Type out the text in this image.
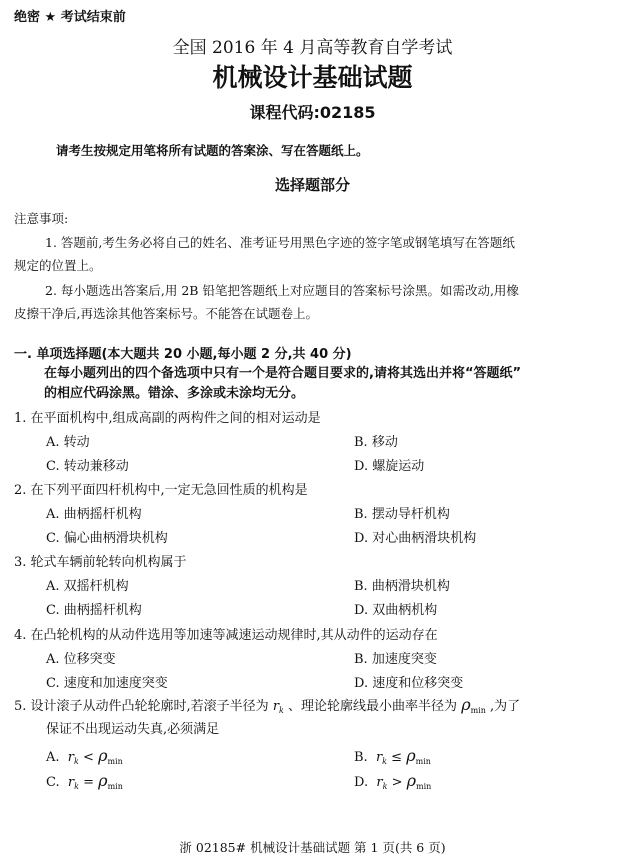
绝密 ★ 考试结束前
全国 2016 年 4 月高等教育自学考试
机械设计基础试题
课程代码:02185
请考生按规定用笔将所有试题的答案涂、写在答题纸上。
选择题部分
注意事项:
1. 答题前,考生务必将自己的姓名、准考证号用黑色字迹的签字笔或钢笔填写在答题纸
规定的位置上。
2. 每小题选出答案后,用 2B 铅笔把答题纸上对应题目的答案标号涂黑。如需改动,用橡
皮擦干净后,再选涂其他答案标号。不能答在试题卷上。
一. 单项选择题(本大题共 20 小题,每小题 2 分,共 40 分)
在每小题列出的四个备选项中只有一个是符合题目要求的,请将其选出并将“答题纸”
的相应代码涂黑。错涂、多涂或未涂均无分。
1. 在平面机构中,组成高副的两构件之间的相对运动是
A. 转动	B. 移动
C. 转动兼移动	D. 螺旋运动
2. 在下列平面四杆机构中,一定无急回性质的机构是
A. 曲柄摇杆机构	B. 摆动导杆机构
C. 偏心曲柄滑块机构	D. 对心曲柄滑块机构
3. 轮式车辆前轮转向机构属于
A. 双摇杆机构	B. 曲柄滑块机构
C. 曲柄摇杆机构	D. 双曲柄机构
4. 在凸轮机构的从动件选用等加速等减速运动规律时,其从动件的运动存在
A. 位移突变	B. 加速度突变
C. 速度和加速度突变	D. 速度和位移突变
5. 设计滚子从动件凸轮轮廓时,若滚子半径为 $r_k$ 、理论轮廓线最小曲率半径为 ρmin ,为了
保证不出现运动失真,必须满足
A. $r_k < \rho\min$	B. $r_k \le \rho\min$
C. $r_k = \rho\min$	D. $r_k > \rho\min$
浙 02185# 机械设计基础试题 第 1 页(共 6 页)
